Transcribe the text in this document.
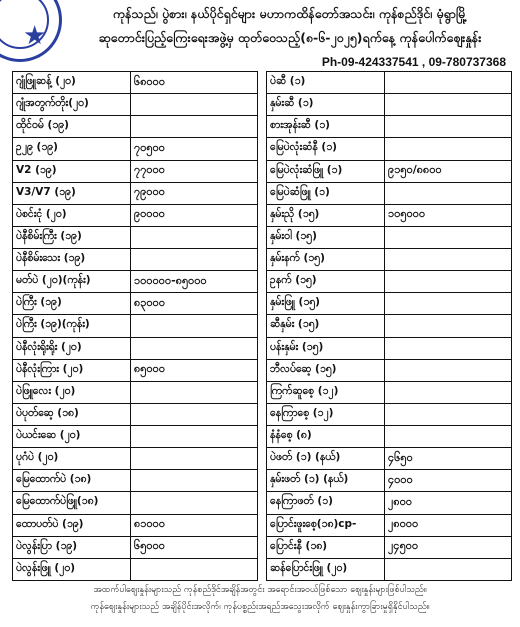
★
ကုန်သည်၊ ပွဲစား၊ နယ်ပိုင်ရှင်များ မဟာကထိန်တော်အသင်း၊ ကုန်စည်ဒိုင်၊ မုံရွာမြို့
ဆုတောင်းပြည့်ကြေးရေးအဖွဲ့မှ ထုတ်ဝေသည့်(၈-၆-၂၀၂၅)ရက်နေ့ ကုန်ပေါက်ဈေးနှုန်း
Ph-09-424337541 , 09-780737368
ဂျုံဖြူဆန့် (၂၀)	၆၈၀၀၀
ဂျုံအတွက်တိုး(၂၀)	
ထိုင်ဝမ် (၁၉)	
ဥ၂၉ (၁၉)	၇၀၅၀၀
V2 (၁၉)	၇၇၀၀၀
V3/V7 (၁၉)	၇၉၀၀၀
ပဲစင်းငုံ (၂၀)	၉၀၀၀၀
ပဲနီစိမ်းကြီး (၁၉)	
ပဲနီစိမ်းသေး (၁၉)	
မတ်ပဲ (၂၀)(ကုန်း)	၁၀၀၀၀၀-၈၅၀၀၀
ပဲကြီး (၁၉)	၈၃၀၀၀
ပဲကြီး (၁၉)(ကုန်း)	
ပဲနီလုံးရိုးရိုး (၂၀)	
ပဲနီလုံးကြား (၂၀)	၈၅၀၀၀
ပဲဖြူလေး (၂၀)	
ပဲပုတ်ဆေ့ (၁၈)	
ပဲယင်းဆေ (၂၀)	
ပုဂံပဲ (၂၀)	
မြေထောက်ပဲ (၁၈)	
မြေထောက်ပဲဖြူ(၁၈)	
ထောပတ်ပဲ (၁၉)	၈၁၀၀၀
ပဲလွန်းပြာ (၁၉)	၆၅၀၀၀
ပဲလွန်းဖြူ (၂၀)	
ပဲဆီ (၁)	
နှမ်းဆီ (၁)	
စားအုန်းဆီ (၁)	
မြေပဲလုံးဆံနီ (၁)	
မြေပဲလုံးဆံဖြူ (၁)	၉၁၅၀/၈၈၀၀
မြေပဲဆံဖြူ (၁)	
နှမ်းညို (၁၅)	၁၀၅၀၀၀
နှမ်းဝါ (၁၅)	
နှမ်းနက် (၁၅)	
ဥနက် (၁၅)	
နှမ်းဖြူ (၁၅)	
ဆီနှမ်း (၁၅)	
ပန်းနှမ်း (၁၅)	
ဘီလပ်ဆေ့ (၁၅)	
ကြက်ဆူစေ့ (၁၂)	
နေကြာစေ့ (၁၂)	
နံနံစေ့ (၈)	
ပဲဖတ် (၁) (နယ်)	၄၆၅၀
နှမ်းဖတ် (၁) (နယ်)	၄၀၀၀
နေကြာဖတ် (၁)	၂၈၀၀
ပြောင်းဖူးစေ့(၁၈)cp-	၂၈၀၀၀
ပြောင်းနီ (၁၈)	၂၄၅၀၀
ဆန်ပြောင်းဖြူ (၂၀)	
အထက်ပါဈေးနှုန်းများသည် ကုန်စည်ဒိုင်အချိန်အတွင်း အရောင်းအဝယ်ဖြစ်သော ဈေးနှုန်းများဖြစ်ပါသည်။
ကုန်ဈေးနှုန်းများသည် အချိန်ပိုင်းအလိုက်၊ ကုန်ပစ္စည်းအရည်အသွေးအလိုက် ဈေးနှုန်းကွာခြားမှုရှိနိုင်ပါသည်။
